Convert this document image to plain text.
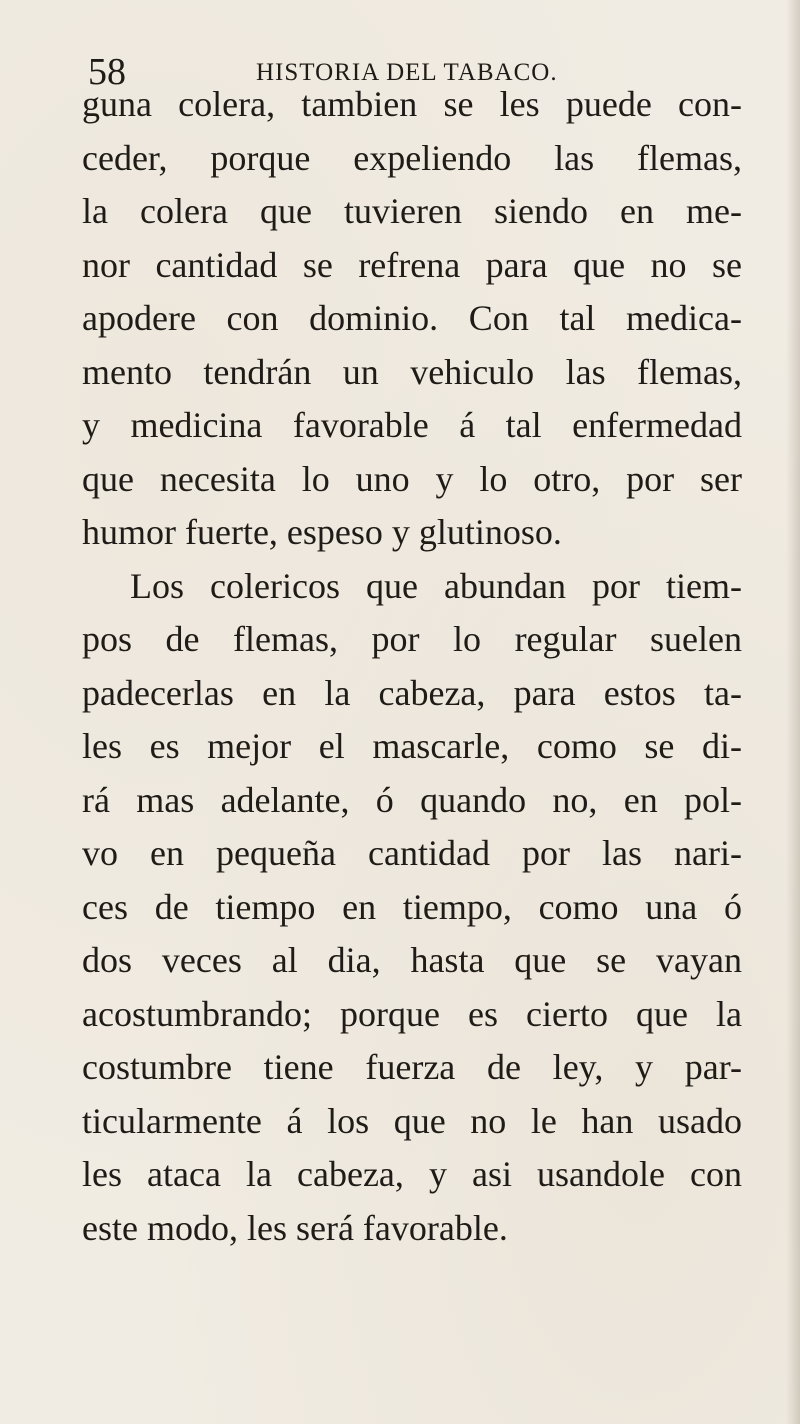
58	HISTORIA DEL TABACO.
guna colera, tambien se les puede con-
ceder, porque expeliendo las flemas,
la colera que tuvieren siendo en me-
nor cantidad se refrena para que no se
apodere con dominio. Con tal medica-
mento tendrán un vehiculo las flemas,
y medicina favorable á tal enfermedad
que necesita lo uno y lo otro, por ser
humor fuerte, espeso y glutinoso.
Los colericos que abundan por tiem-
pos de flemas, por lo regular suelen
padecerlas en la cabeza, para estos ta-
les es mejor el mascarle, como se di-
rá mas adelante, ó quando no, en pol-
vo en pequeña cantidad por las nari-
ces de tiempo en tiempo, como una ó
dos veces al dia, hasta que se vayan
acostumbrando; porque es cierto que la
costumbre tiene fuerza de ley, y par-
ticularmente á los que no le han usado
les ataca la cabeza, y asi usandole con
este modo, les será favorable.
